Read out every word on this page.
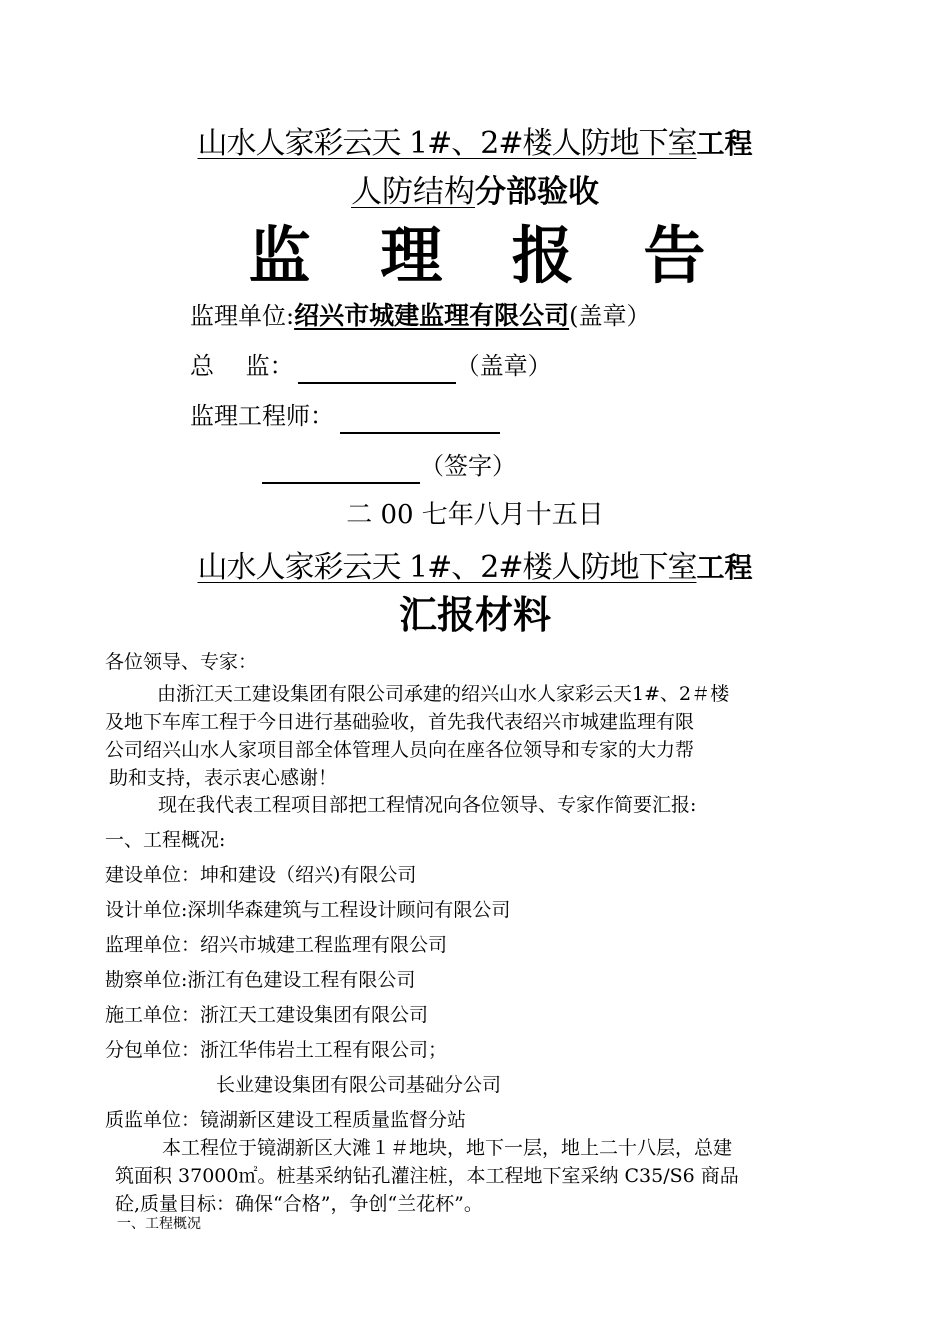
山水人家彩云天 1#、2#楼人防地下室工程
人防结构分部验收
监 理 报 告
监理单位:绍兴市城建监理有限公司(盖章）
总　 监：	（盖章）
监理工程师：
（签字）
二 00 七年八月十五日
山水人家彩云天 1#、2#楼人防地下室工程
汇报材料
各位领导、专家：
由浙江天工建设集团有限公司承建的绍兴山水人家彩云天1#、2＃楼
及地下车库工程于今日进行基础验收，首先我代表绍兴市城建监理有限
公司绍兴山水人家项目部全体管理人员向在座各位领导和专家的大力帮
助和支持，表示衷心感谢！
现在我代表工程项目部把工程情况向各位领导、专家作简要汇报:
一、工程概况:
建设单位：坤和建设（绍兴)有限公司
设计单位:深圳华森建筑与工程设计顾问有限公司
监理单位：绍兴市城建工程监理有限公司
勘察单位:浙江有色建设工程有限公司
施工单位：浙江天工建设集团有限公司
分包单位：浙江华伟岩土工程有限公司；
长业建设集团有限公司基础分公司
质监单位：镜湖新区建设工程质量监督分站
本工程位于镜湖新区大滩１＃地块，地下一层，地上二十八层，总建
筑面积 37000㎡。桩基采纳钻孔灌注桩，本工程地下室采纳 C35/S6 商品
砼,质量目标：确保“合格”，争创“兰花杯”。
一、工程概况
